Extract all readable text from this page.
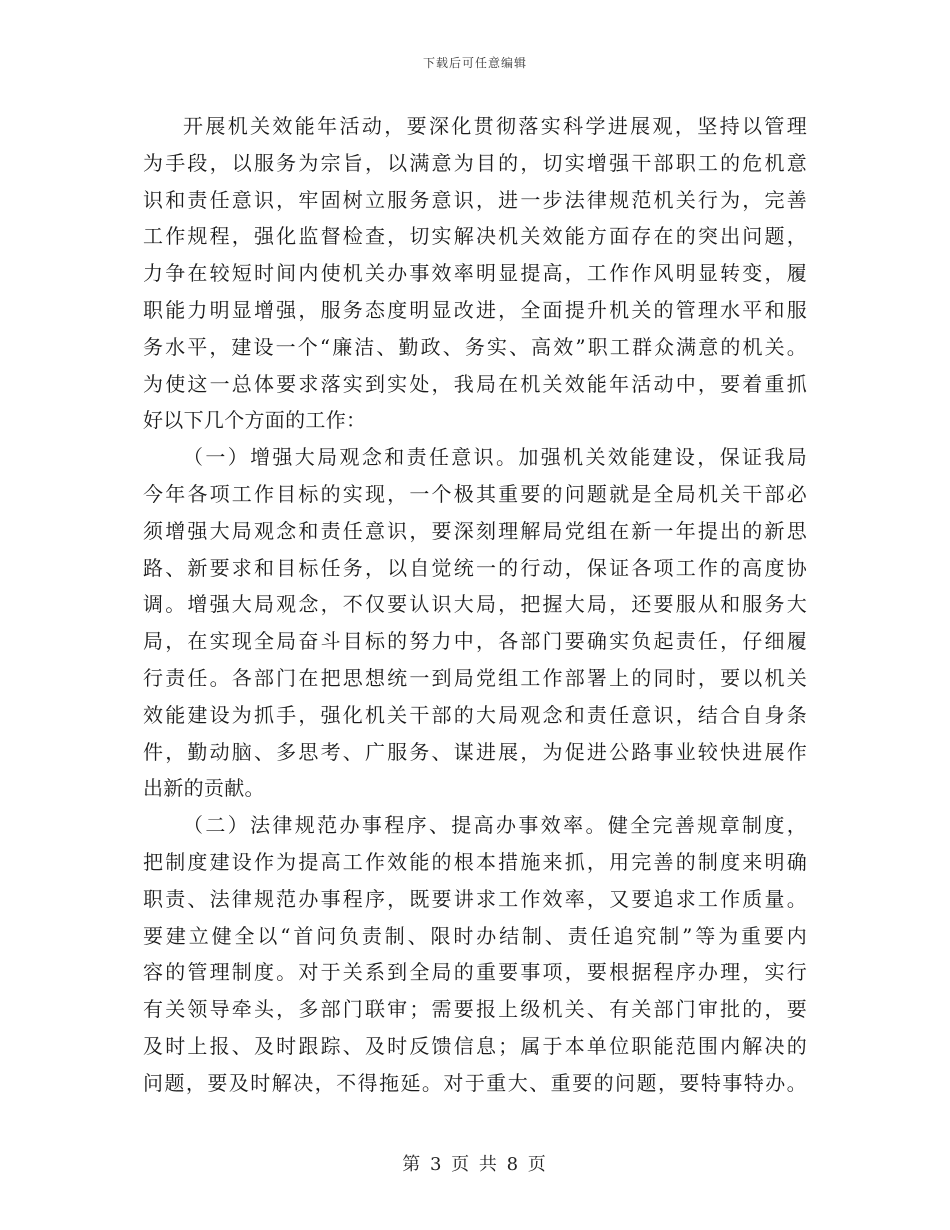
下载后可任意编辑
开展机关效能年活动，要深化贯彻落实科学进展观，坚持以管理
为手段，以服务为宗旨，以满意为目的，切实增强干部职工的危机意
识和责任意识，牢固树立服务意识，进一步法律规范机关行为，完善
工作规程，强化监督检查，切实解决机关效能方面存在的突出问题，
力争在较短时间内使机关办事效率明显提高，工作作风明显转变，履
职能力明显增强，服务态度明显改进，全面提升机关的管理水平和服
务水平，建设一个“廉洁、勤政、务实、高效”职工群众满意的机关。
为使这一总体要求落实到实处，我局在机关效能年活动中，要着重抓
好以下几个方面的工作：
（一）增强大局观念和责任意识。加强机关效能建设，保证我局
今年各项工作目标的实现，一个极其重要的问题就是全局机关干部必
须增强大局观念和责任意识，要深刻理解局党组在新一年提出的新思
路、新要求和目标任务，以自觉统一的行动，保证各项工作的高度协
调。增强大局观念，不仅要认识大局，把握大局，还要服从和服务大
局，在实现全局奋斗目标的努力中，各部门要确实负起责任，仔细履
行责任。各部门在把思想统一到局党组工作部署上的同时，要以机关
效能建设为抓手，强化机关干部的大局观念和责任意识，结合自身条
件，勤动脑、多思考、广服务、谋进展，为促进公路事业较快进展作
出新的贡献。
（二）法律规范办事程序、提高办事效率。健全完善规章制度，
把制度建设作为提高工作效能的根本措施来抓，用完善的制度来明确
职责、法律规范办事程序，既要讲求工作效率，又要追求工作质量。
要建立健全以“首问负责制、限时办结制、责任追究制”等为重要内
容的管理制度。对于关系到全局的重要事项，要根据程序办理，实行
有关领导牵头，多部门联审；需要报上级机关、有关部门审批的，要
及时上报、及时跟踪、及时反馈信息；属于本单位职能范围内解决的
问题，要及时解决，不得拖延。对于重大、重要的问题，要特事特办。
第 3 页 共 8 页
